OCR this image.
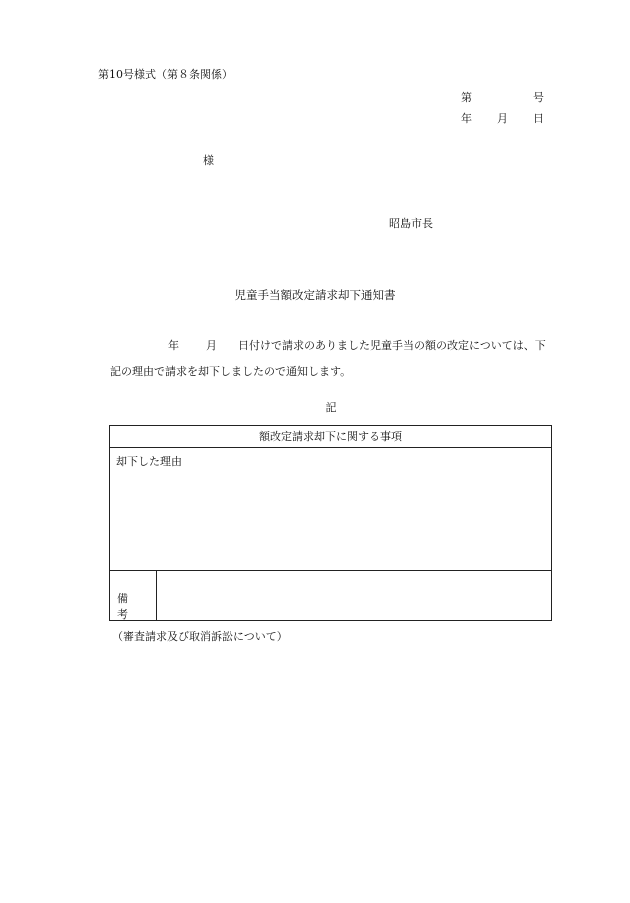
第10号様式（第８条関係）
第	号
年 月 日
様
昭島市長
児童手当額改定請求却下通知書
年 月 日付けで請求のありました児童手当の額の改定については、下
記の理由で請求を却下しましたので通知します。
記
額改定請求却下に関する事項
却下した理由
備考
（審査請求及び取消訴訟について）
